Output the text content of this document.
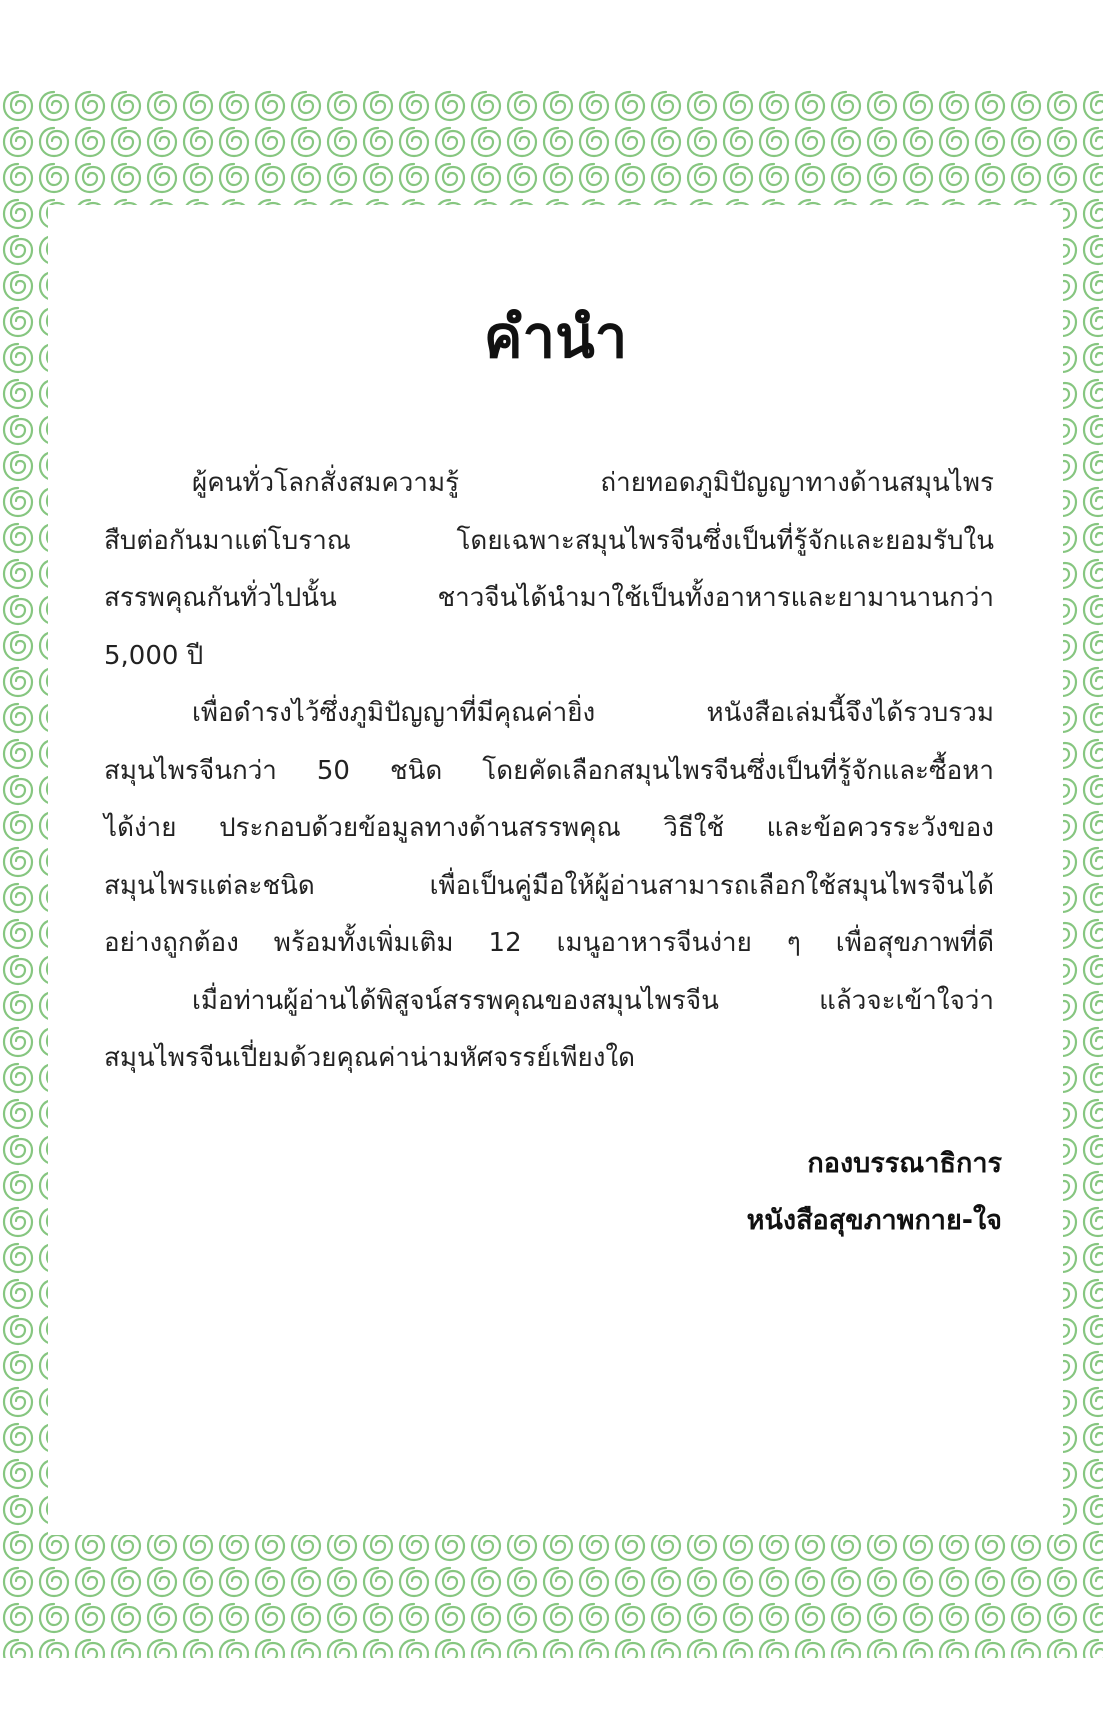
คำนำ
ผู้คนทั่วโลกสั่งสมความรู้ ถ่ายทอดภูมิปัญญาทางด้านสมุนไพร
สืบต่อกันมาแต่โบราณ โดยเฉพาะสมุนไพรจีนซึ่งเป็นที่รู้จักและยอมรับใน
สรรพคุณกันทั่วไปนั้น ชาวจีนได้นำมาใช้เป็นทั้งอาหารและยามานานกว่า
5,000 ปี
เพื่อดำรงไว้ซึ่งภูมิปัญญาที่มีคุณค่ายิ่ง หนังสือเล่มนี้จึงได้รวบรวม
สมุนไพรจีนกว่า 50 ชนิด โดยคัดเลือกสมุนไพรจีนซึ่งเป็นที่รู้จักและซื้อหา
ได้ง่าย ประกอบด้วยข้อมูลทางด้านสรรพคุณ วิธีใช้ และข้อควรระวังของ
สมุนไพรแต่ละชนิด เพื่อเป็นคู่มือให้ผู้อ่านสามารถเลือกใช้สมุนไพรจีนได้
อย่างถูกต้อง พร้อมทั้งเพิ่มเติม 12 เมนูอาหารจีนง่าย ๆ เพื่อสุขภาพที่ดี
เมื่อท่านผู้อ่านได้พิสูจน์สรรพคุณของสมุนไพรจีน แล้วจะเข้าใจว่า
สมุนไพรจีนเปี่ยมด้วยคุณค่าน่ามหัศจรรย์เพียงใด
กองบรรณาธิการ
หนังสือสุขภาพกาย-ใจ
